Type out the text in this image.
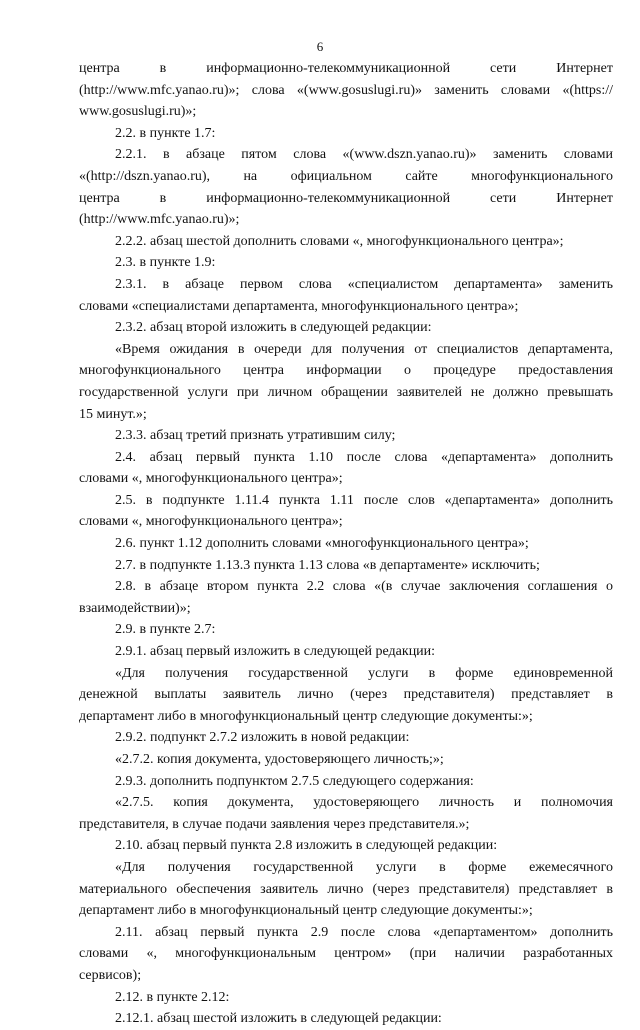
6
центра в информационно-телекоммуникационной сети Интернет
(http://www.mfc.yanao.ru)»; слова «(www.gosuslugi.ru)» заменить словами «(https://
www.gosuslugi.ru)»;
2.2. в пункте 1.7:
2.2.1. в абзаце пятом слова «(www.dszn.yanao.ru)» заменить словами
«(http://dszn.yanao.ru), на официальном сайте многофункционального
центра в информационно-телекоммуникационной сети Интернет
(http://www.mfc.yanao.ru)»;
2.2.2. абзац шестой дополнить словами «, многофункционального центра»;
2.3. в пункте 1.9:
2.3.1. в абзаце первом слова «специалистом департамента» заменить
словами «специалистами департамента, многофункционального центра»;
2.3.2. абзац второй изложить в следующей редакции:
«Время ожидания в очереди для получения от специалистов департамента,
многофункционального центра информации о процедуре предоставления
государственной услуги при личном обращении заявителей не должно превышать
15 минут.»;
2.3.3. абзац третий признать утратившим силу;
2.4. абзац первый пункта 1.10 после слова «департамента» дополнить
словами «, многофункционального центра»;
2.5. в подпункте 1.11.4 пункта 1.11 после слов «департамента» дополнить
словами «, многофункционального центра»;
2.6. пункт 1.12 дополнить словами «многофункционального центра»;
2.7. в подпункте 1.13.3 пункта 1.13 слова «в департаменте» исключить;
2.8. в абзаце втором пункта 2.2 слова «(в случае заключения соглашения о
взаимодействии)»;
2.9. в пункте 2.7:
2.9.1. абзац первый изложить в следующей редакции:
«Для получения государственной услуги в форме единовременной
денежной выплаты заявитель лично (через представителя) представляет в
департамент либо в многофункциональный центр следующие документы:»;
2.9.2. подпункт 2.7.2 изложить в новой редакции:
«2.7.2. копия документа, удостоверяющего личность;»;
2.9.3. дополнить подпунктом 2.7.5 следующего содержания:
«2.7.5. копия документа, удостоверяющего личность и полномочия
представителя, в случае подачи заявления через представителя.»;
2.10. абзац первый пункта 2.8 изложить в следующей редакции:
«Для получения государственной услуги в форме ежемесячного
материального обеспечения заявитель лично (через представителя) представляет в
департамент либо в многофункциональный центр следующие документы:»;
2.11. абзац первый пункта 2.9 после слова «департаментом» дополнить
словами «, многофункциональным центром» (при наличии разработанных
сервисов);
2.12. в пункте 2.12:
2.12.1. абзац шестой изложить в следующей редакции:
